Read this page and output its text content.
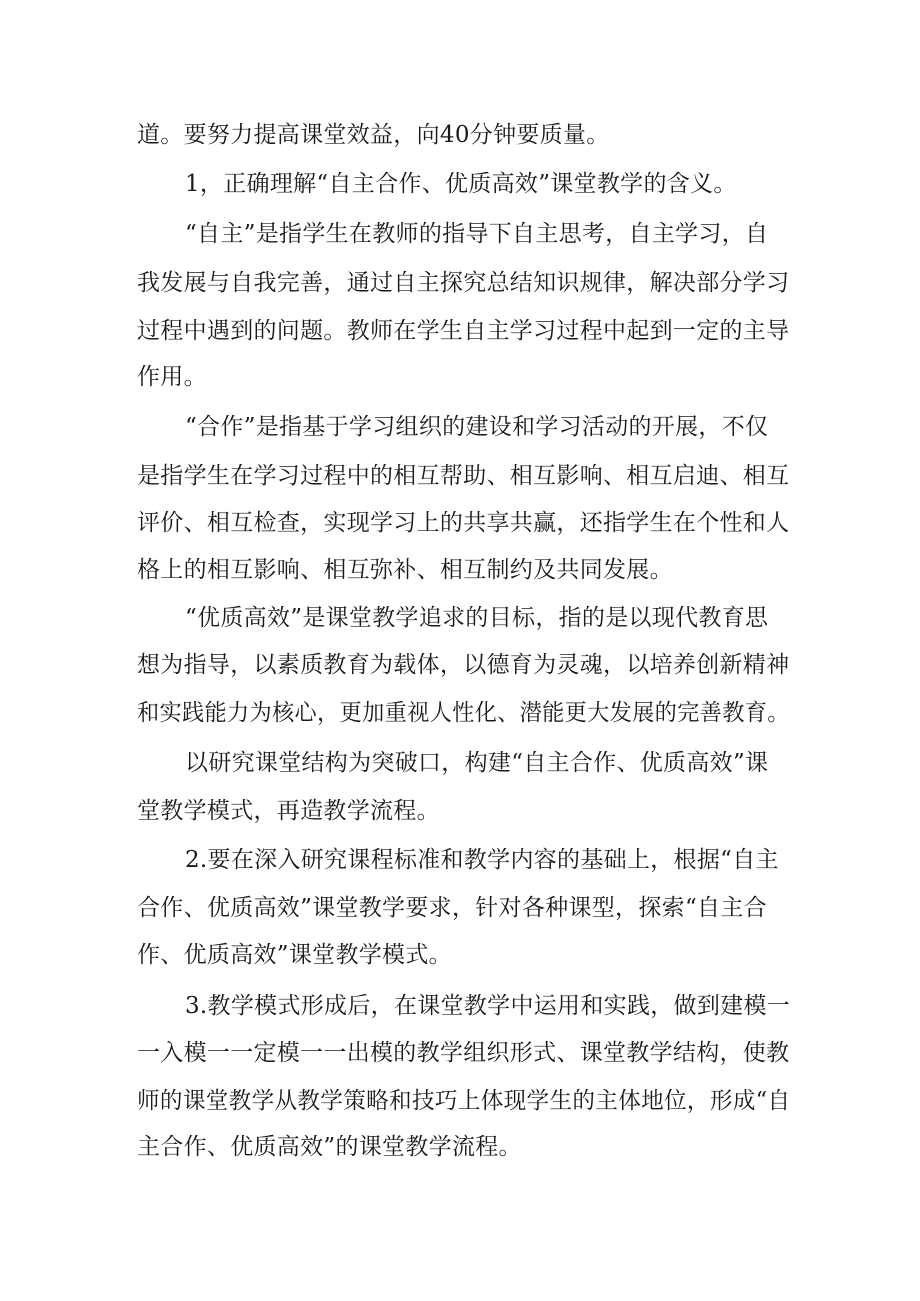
道。要努力提高课堂效益，向40分钟要质量。
1，正确理解“自主合作、优质高效”课堂教学的含义。
“自主”是指学生在教师的指导下自主思考，自主学习，自
我发展与自我完善，通过自主探究总结知识规律，解决部分学习
过程中遇到的问题。教师在学生自主学习过程中起到一定的主导
作用。
“合作”是指基于学习组织的建设和学习活动的开展，不仅
是指学生在学习过程中的相互帮助、相互影响、相互启迪、相互
评价、相互检查，实现学习上的共享共赢，还指学生在个性和人
格上的相互影响、相互弥补、相互制约及共同发展。
“优质高效”是课堂教学追求的目标，指的是以现代教育思
想为指导，以素质教育为载体，以德育为灵魂，以培养创新精神
和实践能力为核心，更加重视人性化、潜能更大发展的完善教育。
以研究课堂结构为突破口，构建“自主合作、优质高效”课
堂教学模式，再造教学流程。
2.要在深入研究课程标准和教学内容的基础上，根据“自主
合作、优质高效”课堂教学要求，针对各种课型，探索“自主合
作、优质高效”课堂教学模式。
3.教学模式形成后，在课堂教学中运用和实践，做到建模一
一入模一一定模一一出模的教学组织形式、课堂教学结构，使教
师的课堂教学从教学策略和技巧上体现学生的主体地位，形成“自
主合作、优质高效”的课堂教学流程。
